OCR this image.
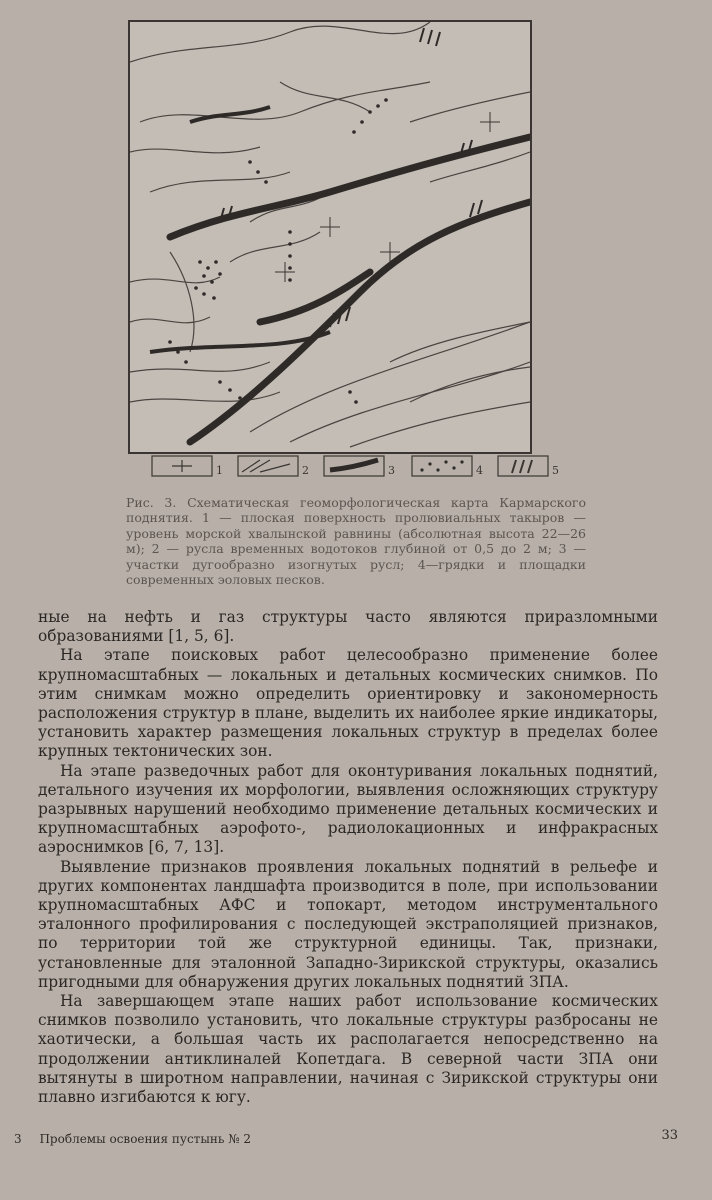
1	2	3	4	5
Рис. 3. Схематическая геоморфологическая карта Кармарского поднятия. 1 — плоская поверхность пролювиальных такыров — уровень морской хвалынской равнины (абсолютная высота 22—26 м); 2 — русла временных водотоков глубиной от 0,5 до 2 м; 3 — участки дугообразно изогнутых русл; 4—грядки и площадки современных эоловых песков.

ные на нефть и газ структуры часто являются приразломными образованиями [1, 5, 6].

На этапе поисковых работ целесообразно применение более крупномасштабных — локальных и детальных космических снимков. По этим снимкам можно определить ориентировку и закономерность расположения структур в плане, выделить их наиболее яркие индикаторы, установить характер размещения локальных структур в пределах более крупных тектонических зон.

На этапе разведочных работ для оконтуривания локальных поднятий, детального изучения их морфологии, выявления осложняющих структуру разрывных нарушений необходимо применение детальных космических и крупномасштабных аэрофото-, радиолокационных и инфракрасных аэроснимков [6, 7, 13].

Выявление признаков проявления локальных поднятий в рельефе и других компонентах ландшафта производится в поле, при использовании крупномасштабных АФС и топокарт, методом инструментального эталонного профилирования с последующей экстраполяцией признаков, по территории той же структурной единицы. Так, признаки, установленные для эталонной Западно-Зирикской структуры, оказались пригодными для обнаружения других локальных поднятий ЗПА.

На завершающем этапе наших работ использование космических снимков позволило установить, что локальные структуры разбросаны не хаотически, а большая часть их располагается непосредственно на продолжении антиклиналей Копетдага. В северной части ЗПА они вытянуты в широтном направлении, начиная с Зирикской структуры они плавно изгибаются к югу.

3 Проблемы освоения пустынь № 2	33
